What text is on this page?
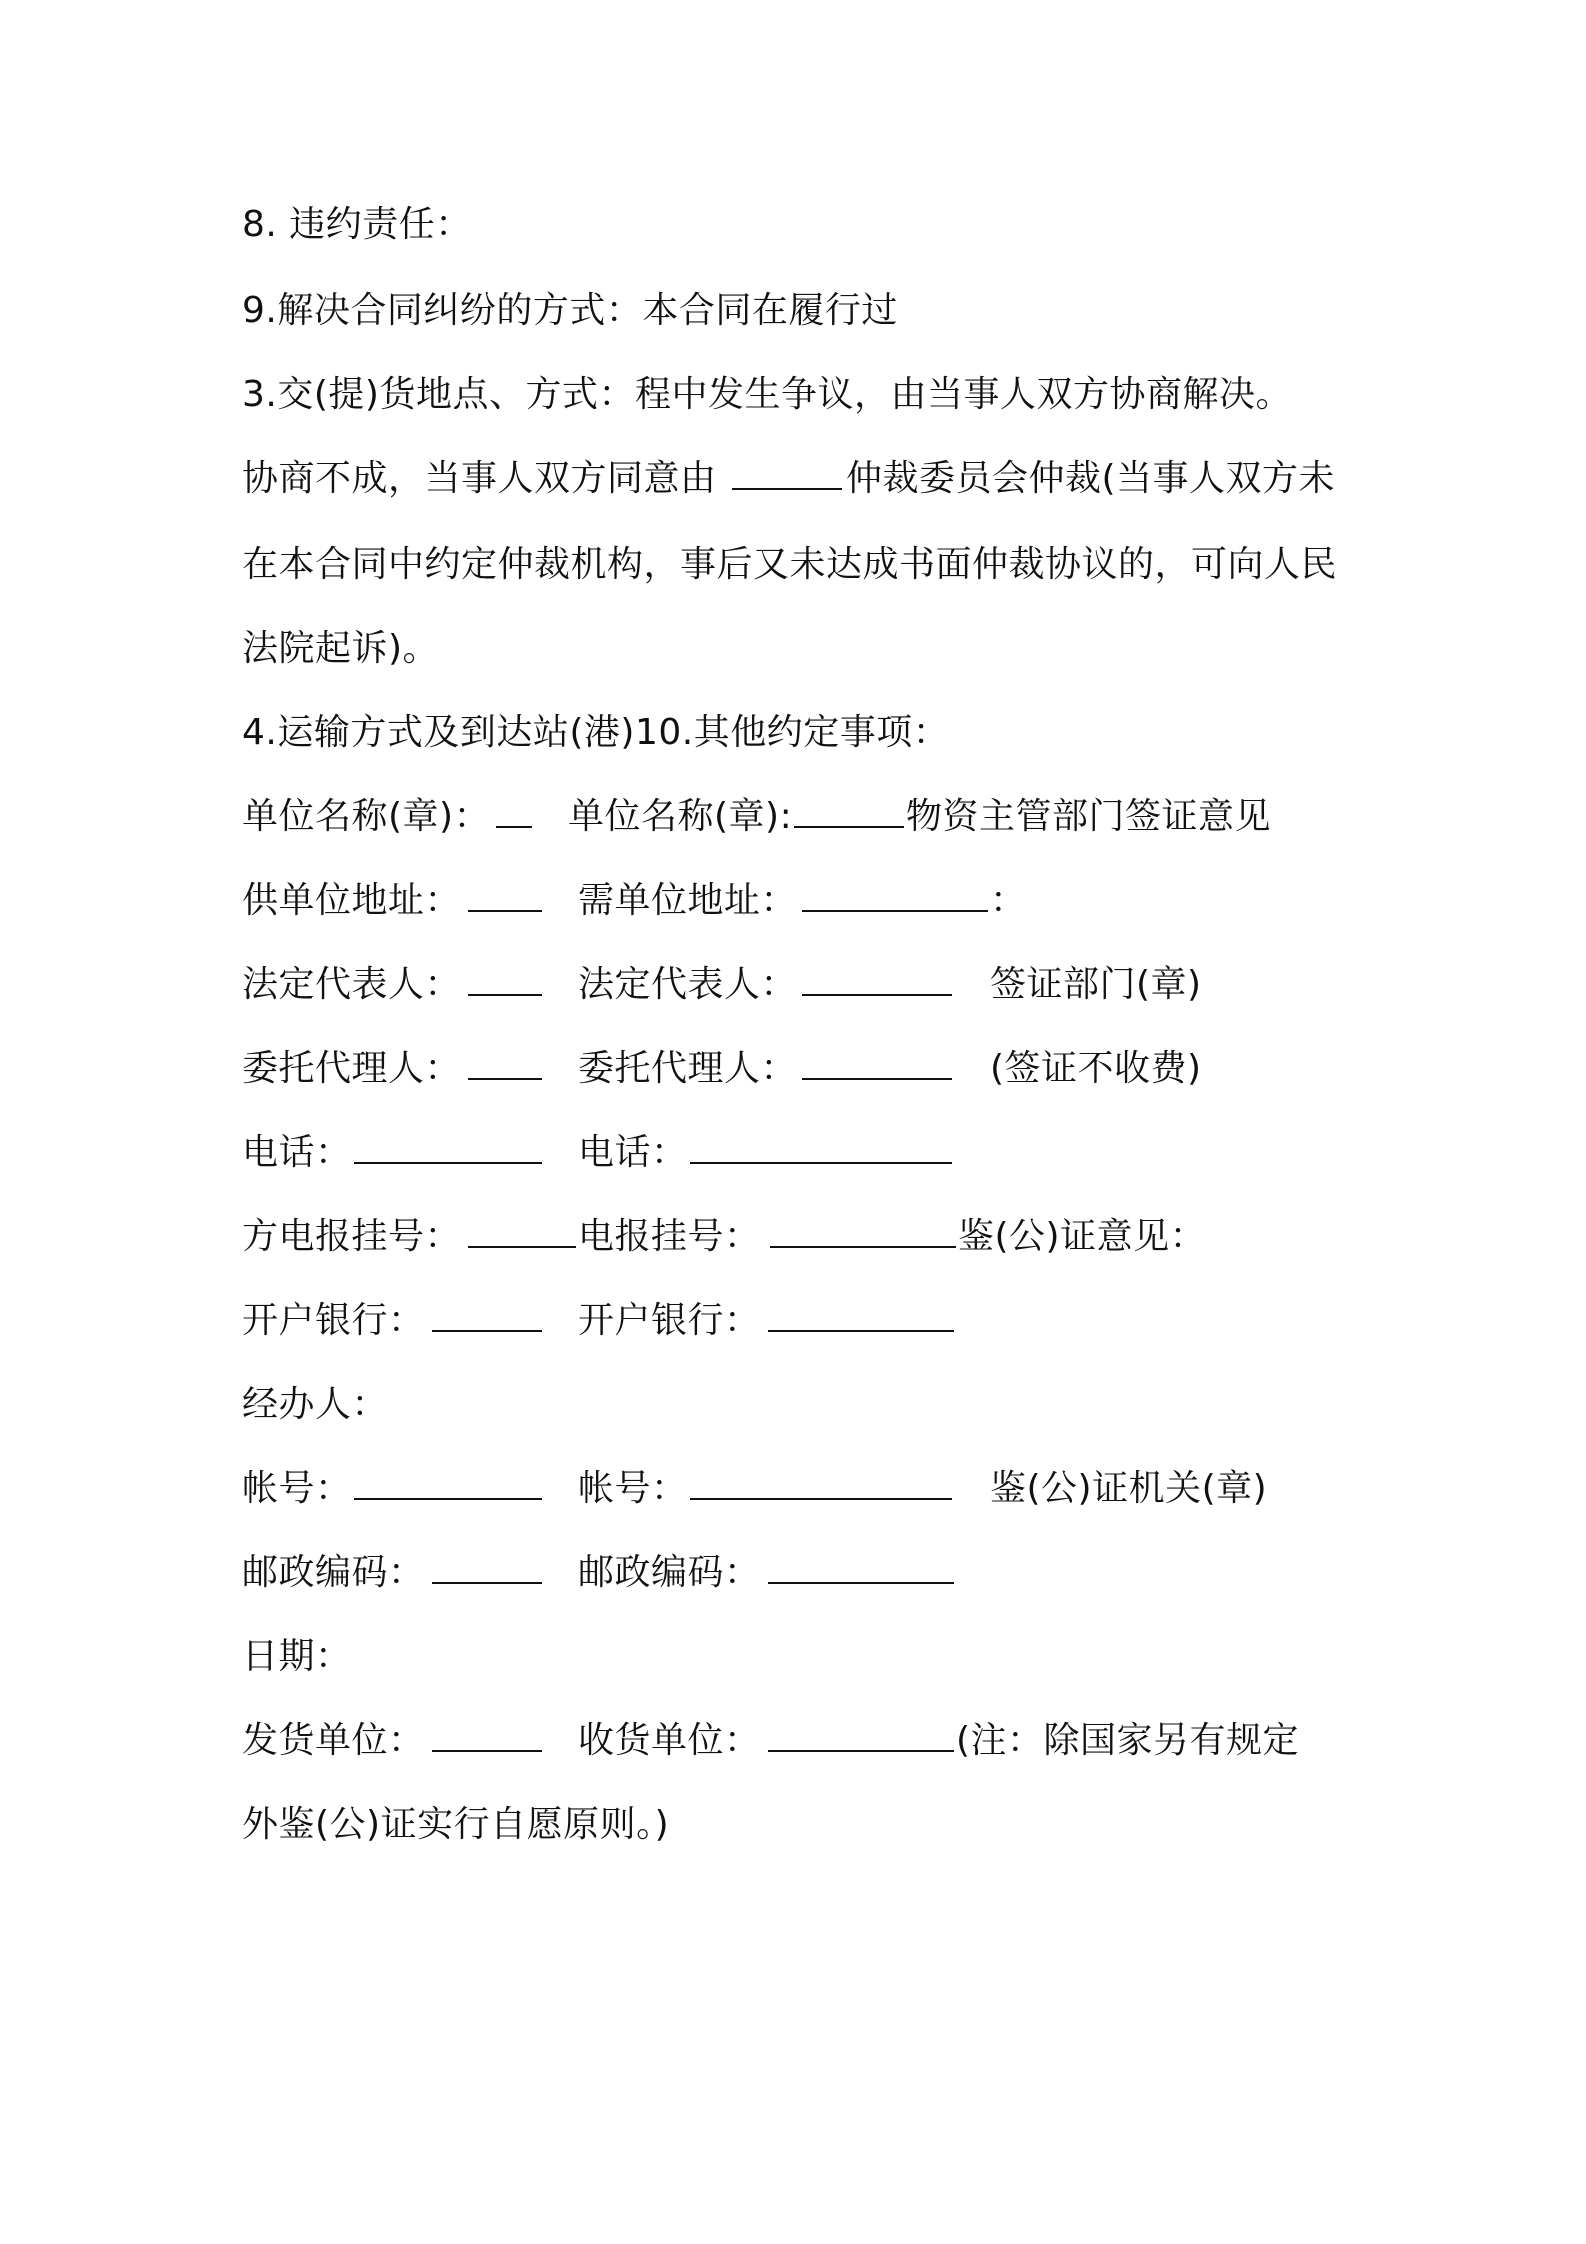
8. 违约责任：
9.解决合同纠纷的方式：本合同在履行过
3.交(提)货地点、方式：程中发生争议，由当事人双方协商解决。
协商不成，当事人双方同意由	仲裁委员会仲裁(当事人双方未
在本合同中约定仲裁机构，事后又未达成书面仲裁协议的，可向人民
法院起诉)。
4.运输方式及到达站(港)10.其他约定事项：
单位名称(章)： 单位名称(章):	物资主管部门签证意见
供单位地址：	需单位地址：	：
法定代表人：	法定代表人：	签证部门(章)
委托代理人：	委托代理人：	(签证不收费)
电话：	电话：
方电报挂号：	电报挂号：	鉴(公)证意见：
开户银行：	开户银行：
经办人：
帐号：	帐号：	鉴(公)证机关(章)
邮政编码：	邮政编码：
日期：
发货单位：	收货单位：	(注：除国家另有规定
外鉴(公)证实行自愿原则。)
